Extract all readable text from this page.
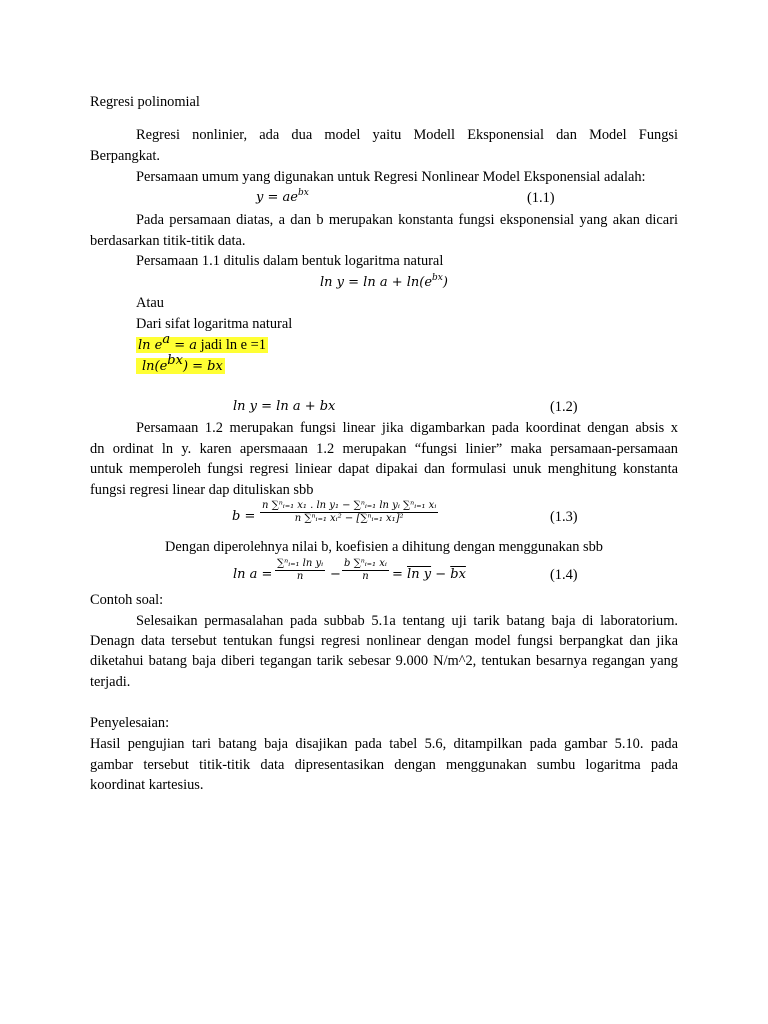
Regresi polinomial
Regresi nonlinier, ada dua model yaitu Modell Eksponensial dan Model Fungsi
Berpangkat.
Persamaan umum yang digunakan untuk Regresi Nonlinear Model Eksponensial adalah:
$y = ae^{bx}$	(1.1)
Pada persamaan diatas, a dan b merupakan konstanta fungsi eksponensial yang akan dicari
berdasarkan titik-titik data.
Persamaan 1.1 ditulis dalam bentuk logaritma natural
$\ln y = \ln a + \ln(e^{bx})$
Atau
Dari sifat logaritma natural
$\ln e^a = a$ jadi ln e =1
$\ln(e^{bx})$ = bx
ln y = ln a + bx	(1.2)
Persamaan 1.2 merupakan fungsi linear jika digambarkan pada koordinat dengan absis x
dn ordinat ln y. karen apersmaaan 1.2 merupakan “fungsi linier” maka persamaan-persamaan
untuk memperoleh fungsi regresi liniear dapat dipakai dan formulasi unuk menghitung konstanta
fungsi regresi linear dap dituliskan sbb
$b = \frac{\text{n ∑ⁿᵢ₌₁ x₁ . ln y₁ − ∑ⁿᵢ₌₁ ln yᵢ ∑ⁿᵢ₌₁ xᵢ}}{\text{n ∑ⁿᵢ₌₁ xᵢ² − [∑ⁿᵢ₌₁ x₁]²}}$	(1.3)
Dengan diperolehnya nilai b, koefisien a dihitung dengan menggunakan sbb
$\ln a = \frac{\text{∑ⁿᵢ₌₁ ln yᵢ}}{n} - \frac{\text{b ∑ⁿᵢ₌₁ xᵢ}}{n} = \ln y - \overline{bx}$	(1.4)
Contoh soal:
Selesaikan permasalahan pada subbab 5.1a tentang uji tarik batang baja di laboratorium.
Denagn data tersebut tentukan fungsi regresi nonlinear dengan model fungsi berpangkat dan jika
diketahui batang baja diberi tegangan tarik sebesar 9.000 N/m^2, tentukan besarnya regangan yang
terjadi.
Penyelesaian:
Hasil pengujian tari batang baja disajikan pada tabel 5.6, ditampilkan pada gambar 5.10. pada
gambar tersebut titik-titik data dipresentasikan dengan menggunakan sumbu logaritma pada
koordinat kartesius.
